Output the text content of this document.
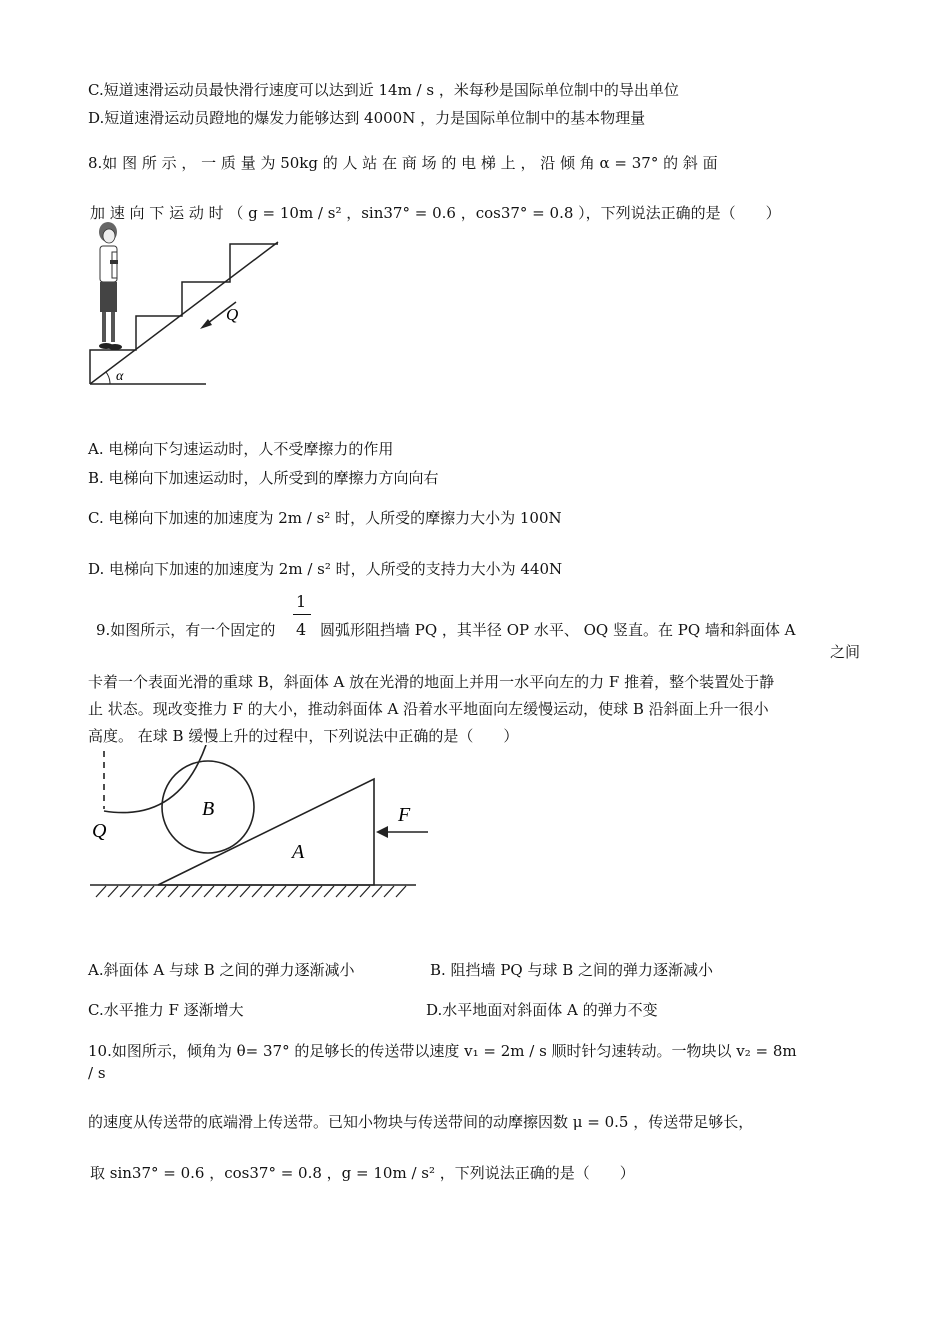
C.短道速滑运动员最快滑行速度可以达到近 14m / s ，米每秒是国际单位制中的导出单位
D.短道速滑运动员蹬地的爆发力能够达到 4000N ，力是国际单位制中的基本物理量
8.如 图 所 示 ， 一 质 量 为 50kg 的 人 站 在 商 场 的 电 梯 上 ， 沿 倾 角 α = 37° 的 斜 面
加 速 向 下 运 动 时 （ g = 10m / s² ，sin37° = 0.6 ，cos37° = 0.8 ），下列说法正确的是（　　）
α
Q
A. 电梯向下匀速运动时，人不受摩擦力的作用
B. 电梯向下加速运动时，人所受到的摩擦力方向向右
C. 电梯向下加速的加速度为 2m / s² 时，人所受的摩擦力大小为 100N
D. 电梯向下加速的加速度为 2m / s² 时，人所受的支持力大小为 440N
1
9.如图所示，有一个固定的 4 圆弧形阻挡墙 PQ ，其半径 OP 水平、 OQ 竖直。在 PQ 墙和斜面体 A
之间
卡着一个表面光滑的重球 B，斜面体 A 放在光滑的地面上并用一水平向左的力 F 推着，整个装置处于静
止 状态。现改变推力 F 的大小，推动斜面体 A 沿着水平地面向左缓慢运动，使球 B 沿斜面上升一很小
高度。 在球 B 缓慢上升的过程中，下列说法中正确的是（　　）
Q
B
A
F
A.斜面体 A 与球 B 之间的弹力逐渐减小	B. 阻挡墙 PQ 与球 B 之间的弹力逐渐减小
C.水平推力 F 逐渐增大	D.水平地面对斜面体 A 的弹力不变
10.如图所示，倾角为 θ= 37° 的足够长的传送带以速度 v₁ = 2m / s 顺时针匀速转动。一物块以 v₂ = 8m
/ s
的速度从传送带的底端滑上传送带。已知小物块与传送带间的动摩擦因数 μ = 0.5 ，传送带足够长，
取 sin37° = 0.6 ，cos37° = 0.8 ，g = 10m / s² ，下列说法正确的是（　　）
